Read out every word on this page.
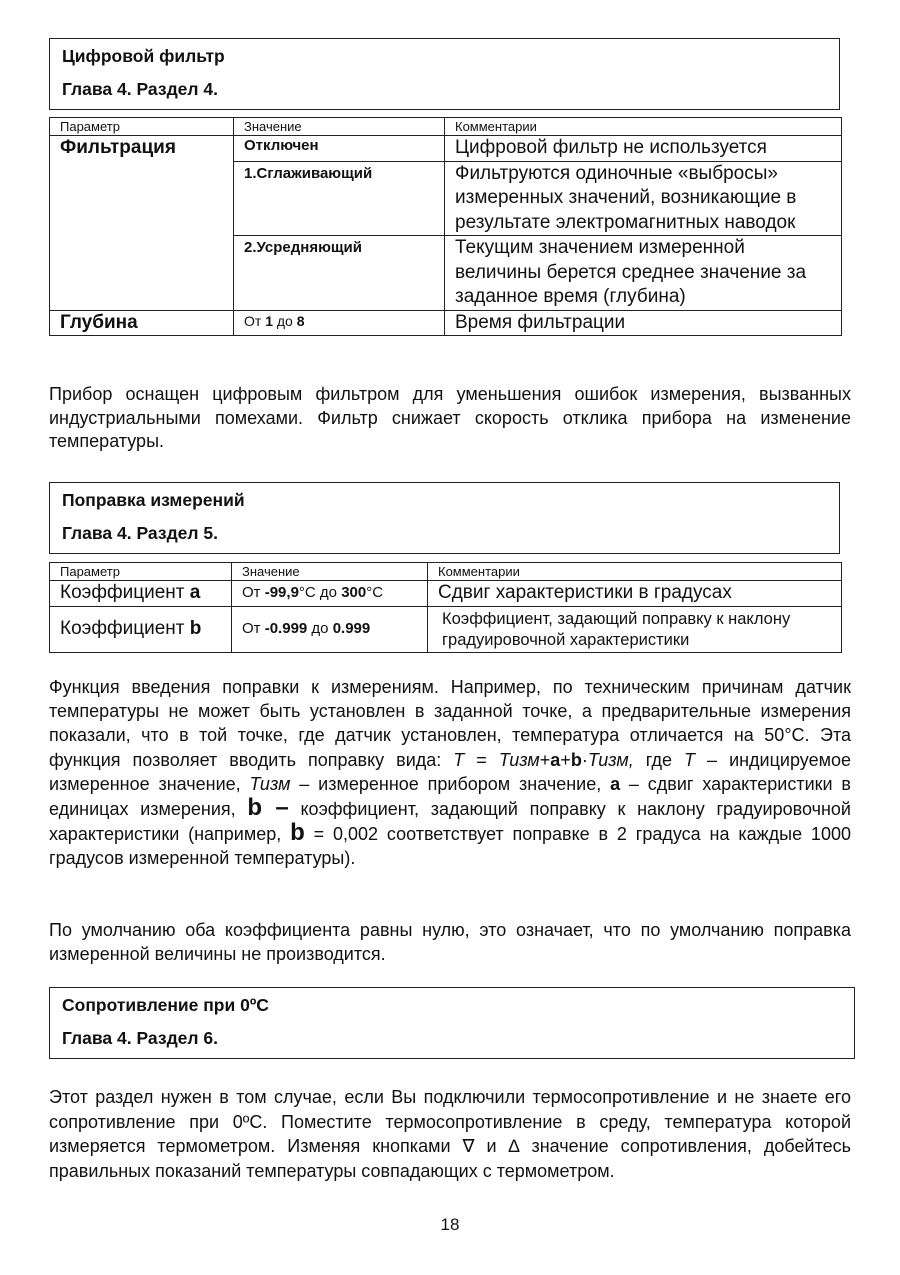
Цифровой фильтр
Глава 4. Раздел 4.
Параметр	Значение	Комментарии
Фильтрация	Отключен	Цифровой фильтр не используется
	1.Сглаживающий	Фильтруются одиночные «выбросы» измеренных значений, возникающие в результате электромагнитных наводок
	2.Усредняющий	Текущим значением измеренной величины берется среднее значение за заданное время (глубина)
Глубина	От 1 до 8	Время фильтрации

Прибор оснащен цифровым фильтром для уменьшения ошибок измерения, вызванных индустриальными помехами. Фильтр снижает скорость отклика прибора на изменение температуры.

Поправка измерений
Глава 4. Раздел 5.
Параметр	Значение	Комментарии
Коэффициент a	От -99,9°C до 300°C	Сдвиг характеристики в градусах
Коэффициент b	От -0.999 до 0.999	Коэффициент, задающий поправку к наклону градуировочной характеристики

Функция введения поправки к измерениям. Например, по техническим причинам датчик температуры не может быть установлен в заданной точке, а предварительные измерения показали, что в той точке, где датчик установлен, температура отличается на 50°С. Эта функция позволяет вводить поправку вида: T = Тизм+a+b·Тизм, где T – индицируемое измеренное значение, Тизм – измеренное прибором значение, a – сдвиг характеристики в единицах измерения, b – коэффициент, задающий поправку к наклону градуировочной характеристики (например, b = 0,002 соответствует поправке в 2 градуса на каждые 1000 градусов измеренной температуры).

По умолчанию оба коэффициента равны нулю, это означает, что по умолчанию поправка измеренной величины не производится.

Сопротивление при 0ºС
Глава 4. Раздел 6.

Этот раздел нужен в том случае, если Вы подключили термосопротивление и не знаете его сопротивление при 0ºС. Поместите термосопротивление в среду, температура которой измеряется термометром. Изменяя кнопками ∇ и ∆ значение сопротивления, добейтесь правильных показаний температуры совпадающих с термометром.

18
